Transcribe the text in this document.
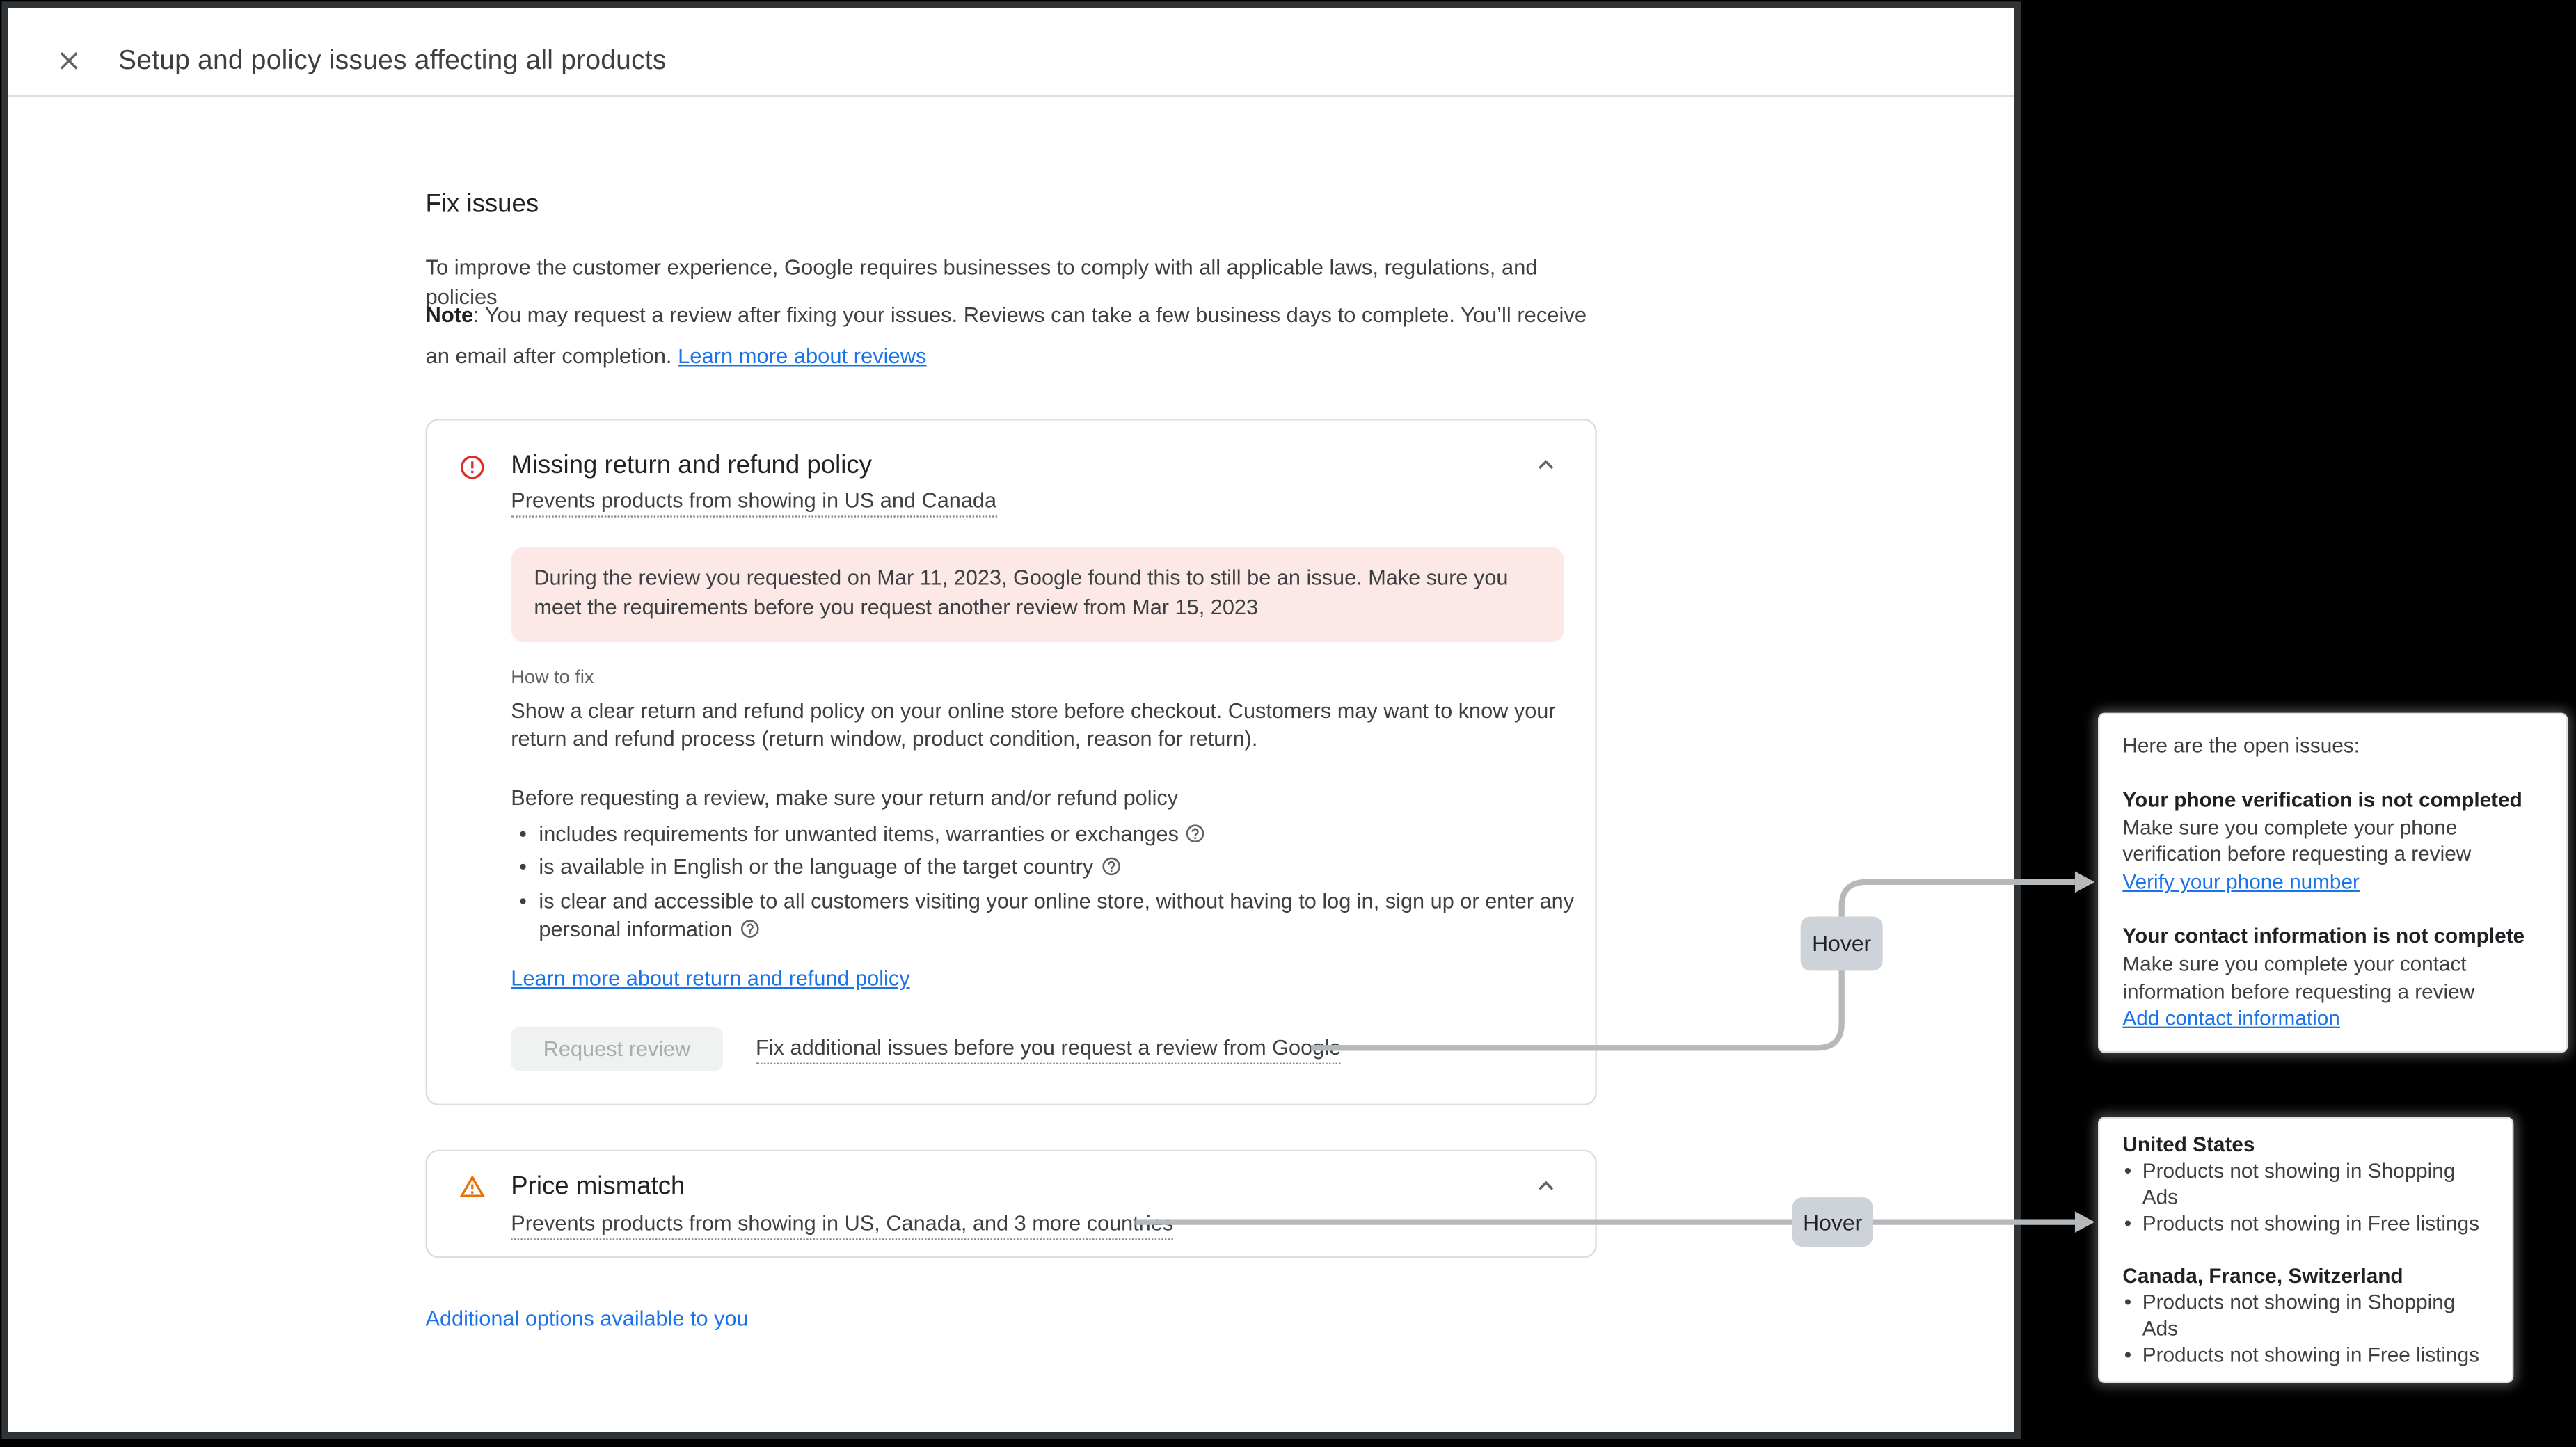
Setup and policy issues affecting all products
Fix issues
To improve the customer experience, Google requires businesses to comply with all applicable laws, regulations, and policies
Note: You may request a review after fixing your issues. Reviews can take a few business days to complete. You’ll receive an email after completion. Learn more about reviews
Missing return and refund policy
Prevents products from showing in US and Canada
During the review you requested on Mar 11, 2023, Google found this to still be an issue. Make sure you meet the requirements before you request another review from Mar 15, 2023
How to fix
Show a clear return and refund policy on your online store before checkout. Customers may want to know your return and refund process (return window, product condition, reason for return).
Before requesting a review, make sure your return and/or refund policy
• includes requirements for unwanted items, warranties or exchanges
• is available in English or the language of the target country
• is clear and accessible to all customers visiting your online store, without having to log in, sign up or enter any personal information
Learn more about return and refund policy
Request review	Fix additional issues before you request a review from Google
Price mismatch
Prevents products from showing in US, Canada, and 3 more countries
Additional options available to you
Hover
Hover
Here are the open issues:
Your phone verification is not completed
Make sure you complete your phone verification before requesting a review
Verify your phone number
Your contact information is not complete
Make sure you complete your contact information before requesting a review
Add contact information
United States
• Products not showing in Shopping Ads
• Products not showing in Free listings
Canada, France, Switzerland
• Products not showing in Shopping Ads
• Products not showing in Free listings
